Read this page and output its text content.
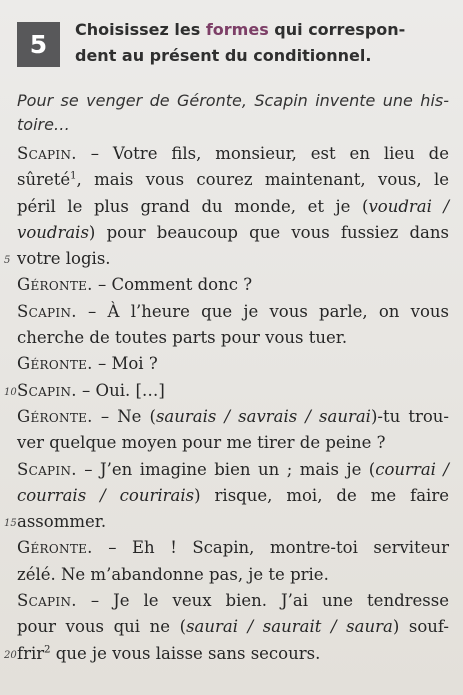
5
Choisissez les formes qui correspon-
dent au présent du conditionnel.
Pour se venger de Géronte, Scapin invente une his-
toire…

Scapin. – Votre fils, monsieur, est en lieu de
sûreté$^1$, mais vous courez maintenant, vous, le
péril le plus grand du monde, et je (voudrai /
voudrais) pour beaucoup que vous fussiez dans
5 votre logis.

Géronte. – Comment donc ?

Scapin. – À l’heure que je vous parle, on vous
cherche de toutes parts pour vous tuer.

Géronte. – Moi ?

10 Scapin. – Oui. […]

Géronte. – Ne (saurais / savrais / saurai)-tu trou-
ver quelque moyen pour me tirer de peine ?

Scapin. – J’en imagine bien un ; mais je (courrai /
courrais / courirais) risque, moi, de me faire
15 assommer.

Géronte. – Eh ! Scapin, montre-toi serviteur
zélé. Ne m’abandonne pas, je te prie.

Scapin. – Je le veux bien. J’ai une tendresse
pour vous qui ne (saurai / saurait / saura) souf-
20 frir$^2$ que je vous laisse sans secours.
